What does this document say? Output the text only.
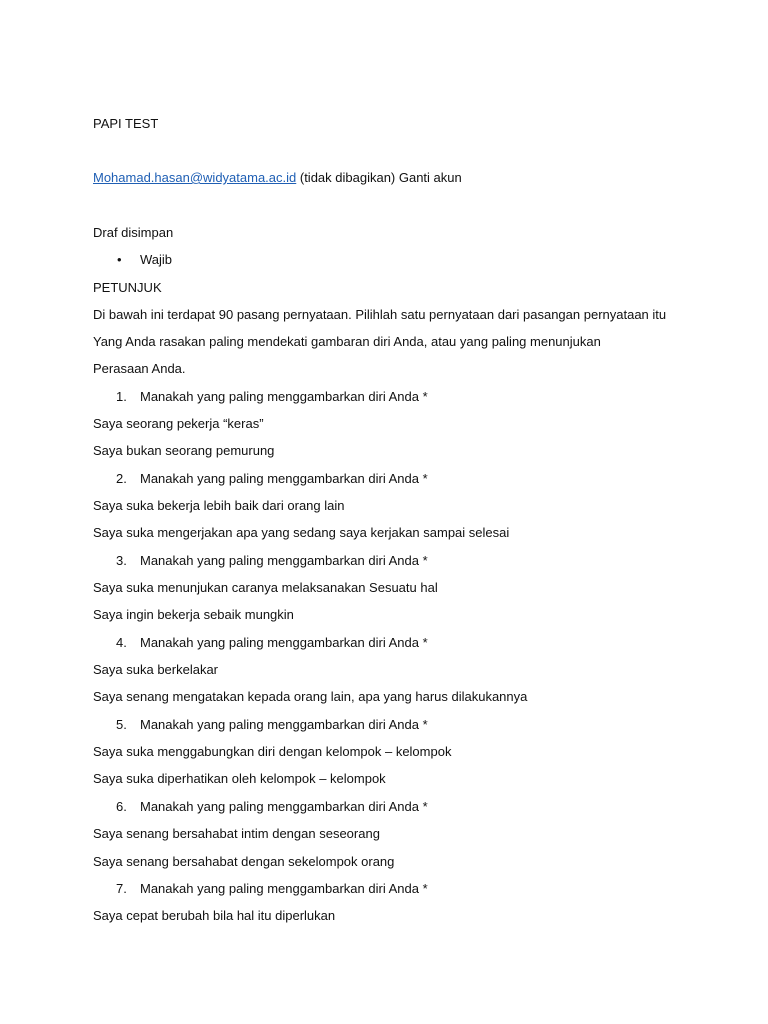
PAPI TEST
Mohamad.hasan@widyatama.ac.id (tidak dibagikan) Ganti akun
Draf disimpan
• Wajib
PETUNJUK
Di bawah ini terdapat 90 pasang pernyataan. Pilihlah satu pernyataan dari pasangan pernyataan itu
Yang Anda rasakan paling mendekati gambaran diri Anda, atau yang paling menunjukan
Perasaan Anda.
1. Manakah yang paling menggambarkan diri Anda *
Saya seorang pekerja “keras”
Saya bukan seorang pemurung
2. Manakah yang paling menggambarkan diri Anda *
Saya suka bekerja lebih baik dari orang lain
Saya suka mengerjakan apa yang sedang saya kerjakan sampai selesai
3. Manakah yang paling menggambarkan diri Anda *
Saya suka menunjukan caranya melaksanakan Sesuatu hal
Saya ingin bekerja sebaik mungkin
4. Manakah yang paling menggambarkan diri Anda *
Saya suka berkelakar
Saya senang mengatakan kepada orang lain, apa yang harus dilakukannya
5. Manakah yang paling menggambarkan diri Anda *
Saya suka menggabungkan diri dengan kelompok – kelompok
Saya suka diperhatikan oleh kelompok – kelompok
6. Manakah yang paling menggambarkan diri Anda *
Saya senang bersahabat intim dengan seseorang
Saya senang bersahabat dengan sekelompok orang
7. Manakah yang paling menggambarkan diri Anda *
Saya cepat berubah bila hal itu diperlukan
